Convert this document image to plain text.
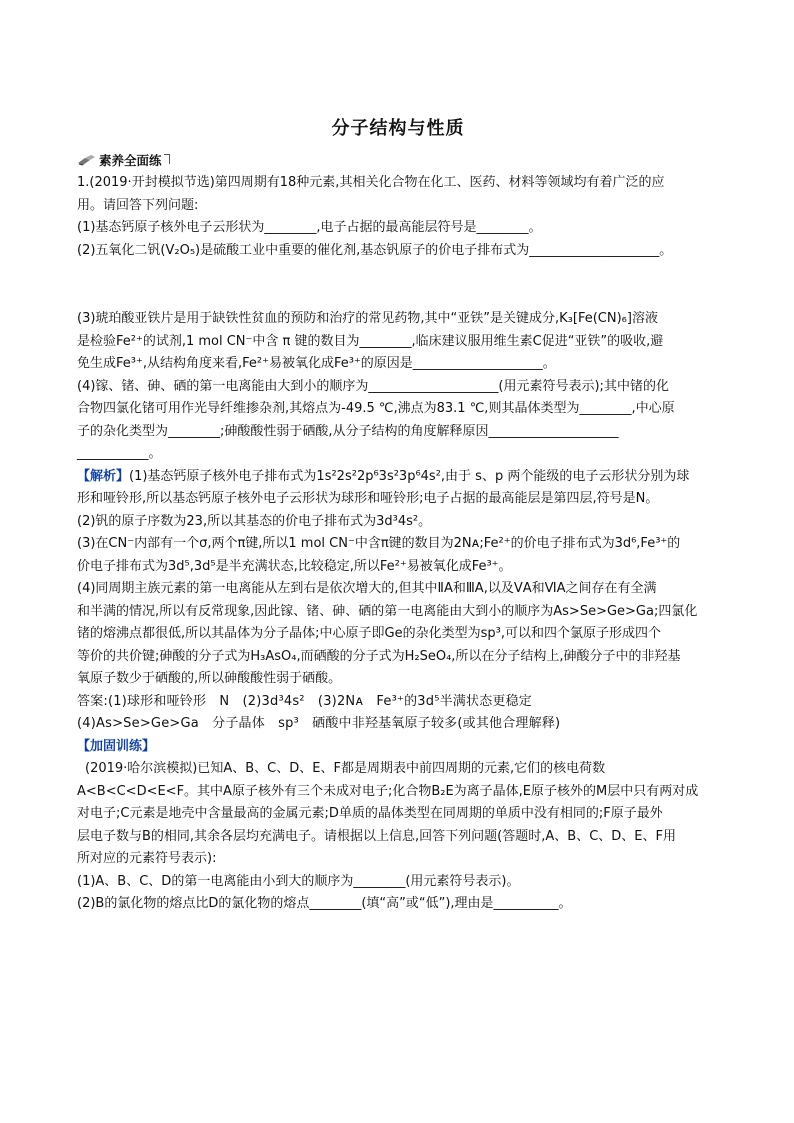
分子结构与性质
素养全面练

1.(2019·开封模拟节选)第四周期有18种元素,其相关化合物在化工、医药、材料等领域均有着广泛的应

用。请回答下列问题:

(1)基态钙原子核外电子云形状为________,电子占据的最高能层符号是________。

(2)五氧化二钒(V₂O₅)是硫酸工业中重要的催化剂,基态钒原子的价电子排布式为____________________。

(3)琥珀酸亚铁片是用于缺铁性贫血的预防和治疗的常见药物,其中“亚铁”是关键成分,K₃[Fe(CN)₆]溶液

是检验Fe²⁺的试剂,1 mol CN⁻中含 π 键的数目为________,临床建议服用维生素C促进“亚铁”的吸收,避

免生成Fe³⁺,从结构角度来看,Fe²⁺易被氧化成Fe³⁺的原因是____________________。

(4)镓、锗、砷、硒的第一电离能由大到小的顺序为____________________(用元素符号表示);其中锗的化

合物四氯化锗可用作光导纤维掺杂剂,其熔点为-49.5 ℃,沸点为83.1 ℃,则其晶体类型为________,中心原

子的杂化类型为________;砷酸酸性弱于硒酸,从分子结构的角度解释原因____________________

___________。

【解析】(1)基态钙原子核外电子排布式为1s²2s²2p⁶3s²3p⁶4s²,由于 s、p 两个能级的电子云形状分别为球

形和哑铃形,所以基态钙原子核外电子云形状为球形和哑铃形;电子占据的最高能层是第四层,符号是N。

(2)钒的原子序数为23,所以其基态的价电子排布式为3d³4s²。

(3)在CN⁻内部有一个σ,两个π键,所以1 mol CN⁻中含π键的数目为2Nᴀ;Fe²⁺的价电子排布式为3d⁶,Fe³⁺的

价电子排布式为3d⁵,3d⁵是半充满状态,比较稳定,所以Fe²⁺易被氧化成Fe³⁺。

(4)同周期主族元素的第一电离能从左到右是依次增大的,但其中ⅡA和ⅢA,以及ⅤA和ⅥA之间存在有全满

和半满的情况,所以有反常现象,因此镓、锗、砷、硒的第一电离能由大到小的顺序为As>Se>Ge>Ga;四氯化

锗的熔沸点都很低,所以其晶体为分子晶体;中心原子即Ge的杂化类型为sp³,可以和四个氯原子形成四个

等价的共价键;砷酸的分子式为H₃AsO₄,而硒酸的分子式为H₂SeO₄,所以在分子结构上,砷酸分子中的非羟基

氧原子数少于硒酸的,所以砷酸酸性弱于硒酸。

答案:(1)球形和哑铃形　N　(2)3d³4s²　(3)2Nᴀ　Fe³⁺的3d⁵半满状态更稳定

(4)As>Se>Ge>Ga　分子晶体　sp³　硒酸中非羟基氧原子较多(或其他合理解释)

【加固训练】

(2019·哈尔滨模拟)已知A、B、C、D、E、F都是周期表中前四周期的元素,它们的核电荷数

A<B<C<D<E<F。其中A原子核外有三个未成对电子;化合物B₂E为离子晶体,E原子核外的M层中只有两对成

对电子;C元素是地壳中含量最高的金属元素;D单质的晶体类型在同周期的单质中没有相同的;F原子最外

层电子数与B的相同,其余各层均充满电子。请根据以上信息,回答下列问题(答题时,A、B、C、D、E、F用

所对应的元素符号表示):

(1)A、B、C、D的第一电离能由小到大的顺序为________(用元素符号表示)。

(2)B的氯化物的熔点比D的氯化物的熔点________(填“高”或“低”),理由是__________。
